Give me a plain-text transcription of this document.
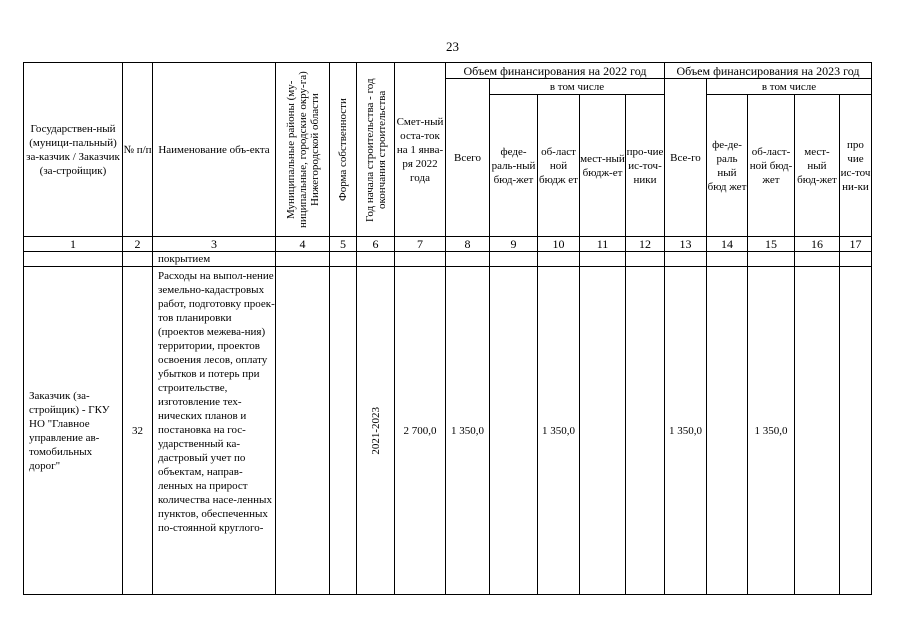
23
Государствен-ный (муници-пальный) за-казчик / Заказчик (за-стройщик)	№ п/п	Наименование объ-екта	Муниципальные районы (му-ниципальные, городские окру-га) Нижегородской области	Форма собственности	Год начала строительства - год окончания строительства	Смет-ный оста-ток на 1 янва-ря 2022 года	Объем финансирования на 2022 год					Объем финансирования на 2023 год				
							Всего	в том числе				Все-го	в том числе			
								феде-раль-ный бюд-жет	об-ласт ной бюдж ет	мест-ный бюдж-ет	про-чие ис-точ-ники		фе-де-раль ный бюд жет	об-ласт-ной бюд-жет	мест-ный бюд-жет	про чие ис-точ ни-ки
1	2	3	4	5	6	7	8	9	10	11	12	13	14	15	16	17
		покрытием														
Заказчик (за-стройщик) - ГКУ НО "Главное управление ав-томобильных дорог"	32	Расходы на выпол-нение земельно-кадастровых работ, подготовку проек-тов планировки (проектов межева-ния) территории, проектов освоения лесов, оплату убытков и потерь при строительстве, изготовление тех-нических планов и постановка на гос-ударственный ка-дастровый учет по объектам, направ-ленных на прирост количества насе-ленных пунктов, обеспеченных по-стоянной круглого-			2021-2023	2 700,0	1 350,0		1 350,0			1 350,0		1 350,0		
